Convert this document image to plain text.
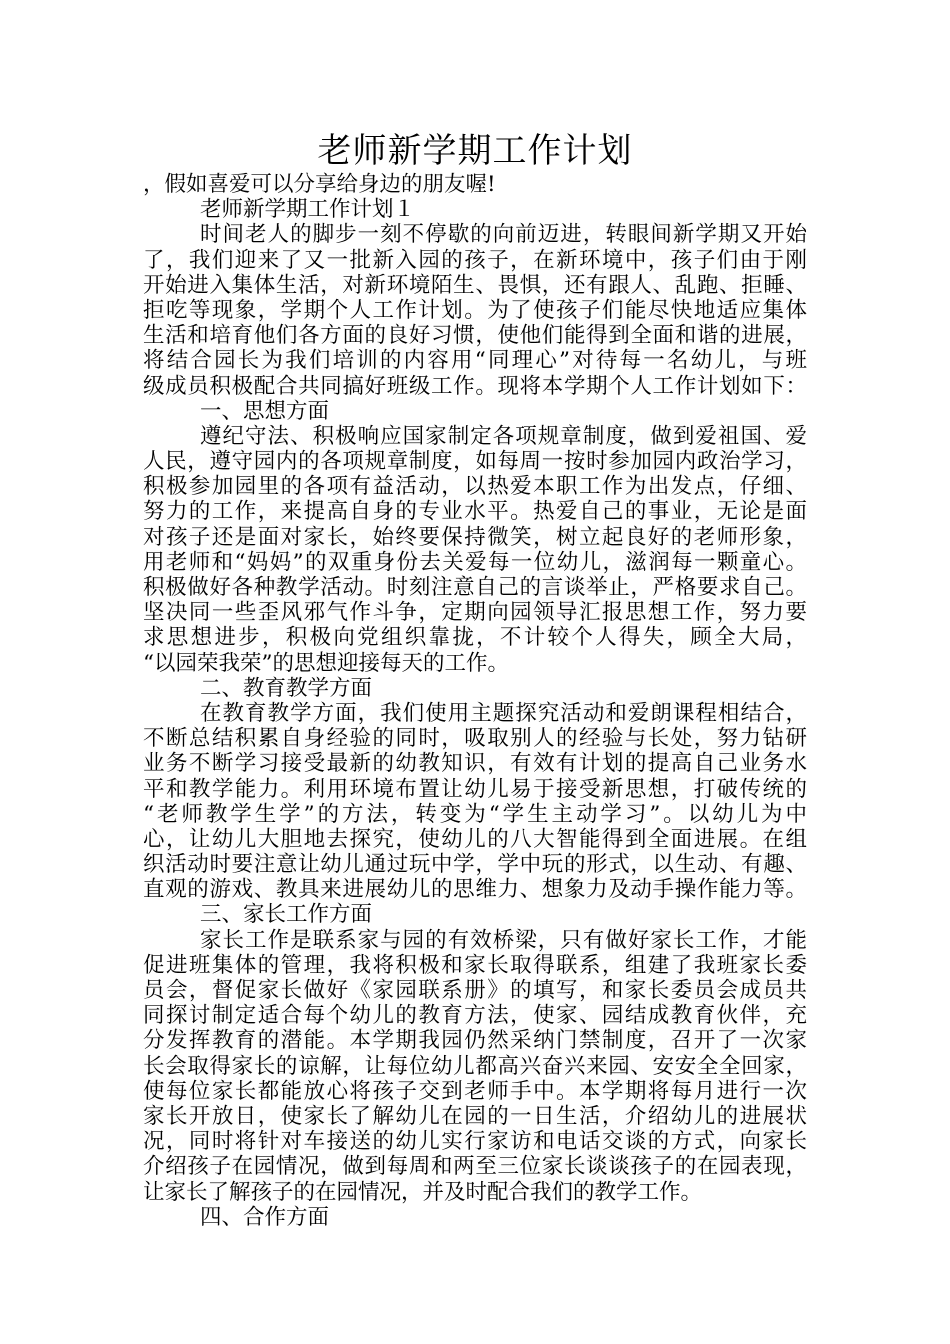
老师新学期工作计划
，假如喜爱可以分享给身边的朋友喔!
老师新学期工作计划１
时间老人的脚步一刻不停歇的向前迈进，转眼间新学期又开始
了，我们迎来了又一批新入园的孩子，在新环境中，孩子们由于刚
开始进入集体生活，对新环境陌生、畏惧，还有跟人、乱跑、拒睡、
拒吃等现象，学期个人工作计划。为了使孩子们能尽快地适应集体
生活和培育他们各方面的良好习惯，使他们能得到全面和谐的进展，
将结合园长为我们培训的内容用“同理心”对待每一名幼儿，与班
级成员积极配合共同搞好班级工作。现将本学期个人工作计划如下：
一、思想方面
遵纪守法、积极响应国家制定各项规章制度，做到爱祖国、爱
人民，遵守园内的各项规章制度，如每周一按时参加园内政治学习，
积极参加园里的各项有益活动，以热爱本职工作为出发点，仔细、
努力的工作，来提高自身的专业水平。热爱自己的事业，无论是面
对孩子还是面对家长，始终要保持微笑，树立起良好的老师形象，
用老师和“妈妈”的双重身份去关爱每一位幼儿，滋润每一颗童心。
积极做好各种教学活动。时刻注意自己的言谈举止，严格要求自己。
坚决同一些歪风邪气作斗争，定期向园领导汇报思想工作，努力要
求思想进步，积极向党组织靠拢，不计较个人得失，顾全大局，
“以园荣我荣”的思想迎接每天的工作。
二、教育教学方面
在教育教学方面，我们使用主题探究活动和爱朗课程相结合，
不断总结积累自身经验的同时，吸取别人的经验与长处，努力钻研
业务不断学习接受最新的幼教知识，有效有计划的提高自己业务水
平和教学能力。利用环境布置让幼儿易于接受新思想，打破传统的
“老师教学生学”的方法，转变为“学生主动学习”。以幼儿为中
心，让幼儿大胆地去探究，使幼儿的八大智能得到全面进展。在组
织活动时要注意让幼儿通过玩中学，学中玩的形式，以生动、有趣、
直观的游戏、教具来进展幼儿的思维力、想象力及动手操作能力等。
三、家长工作方面
家长工作是联系家与园的有效桥梁，只有做好家长工作，才能
促进班集体的管理，我将积极和家长取得联系，组建了我班家长委
员会，督促家长做好《家园联系册》的填写，和家长委员会成员共
同探讨制定适合每个幼儿的教育方法，使家、园结成教育伙伴，充
分发挥教育的潜能。本学期我园仍然采纳门禁制度，召开了一次家
长会取得家长的谅解，让每位幼儿都高兴奋兴来园、安安全全回家，
使每位家长都能放心将孩子交到老师手中。本学期将每月进行一次
家长开放日，使家长了解幼儿在园的一日生活，介绍幼儿的进展状
况，同时将针对车接送的幼儿实行家访和电话交谈的方式，向家长
介绍孩子在园情况，做到每周和两至三位家长谈谈孩子的在园表现，
让家长了解孩子的在园情况，并及时配合我们的教学工作。
四、合作方面
